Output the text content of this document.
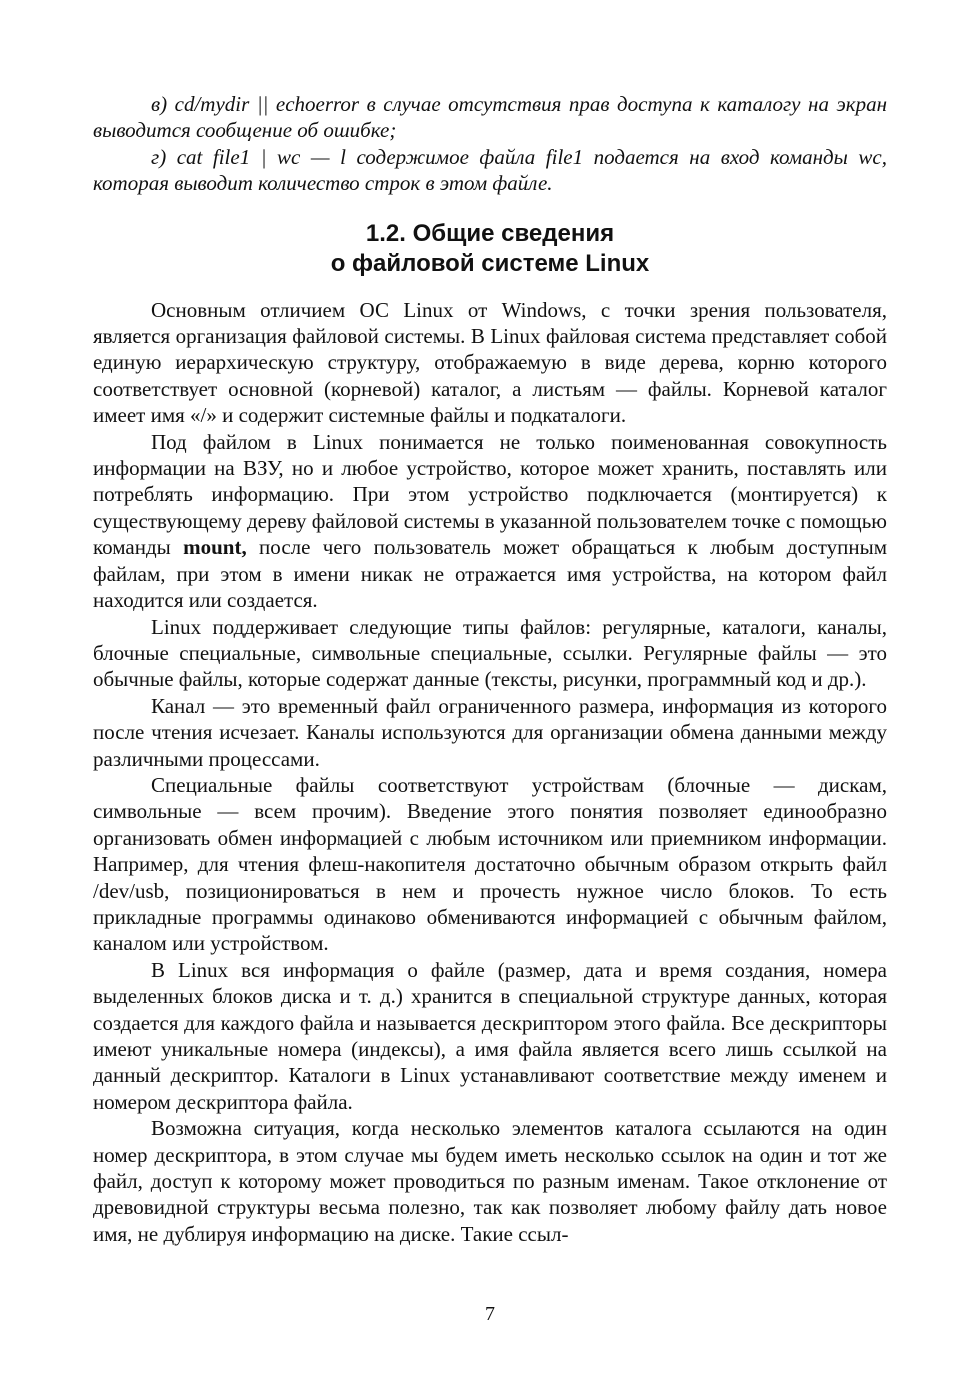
в) cd/mydir || echoerror в случае отсутствия прав доступа к каталогу на экран выводится сообщение об ошибке;

г) cat file1 | wc — l содержимое файла file1 подается на вход команды wc, которая выводит количество строк в этом файле.

1.2. Общие сведения
о файловой системе Linux

Основным отличием ОС Linux от Windows, с точки зрения пользователя, является организация файловой системы. В Linux файловая система представляет собой единую иерархическую структуру, отображаемую в виде дерева, корню которого соответствует основной (корневой) каталог, а листьям — файлы. Корневой каталог имеет имя «/» и содержит системные файлы и подкаталоги.

Под файлом в Linux понимается не только поименованная совокупность информации на ВЗУ, но и любое устройство, которое может хранить, поставлять или потреблять информацию. При этом устройство подключается (монтируется) к существующему дереву файловой системы в указанной пользователем точке с помощью команды mount, после чего пользователь может обращаться к любым доступным файлам, при этом в имени никак не отражается имя устройства, на котором файл находится или создается.

Linux поддерживает следующие типы файлов: регулярные, каталоги, каналы, блочные специальные, символьные специальные, ссылки. Регулярные файлы — это обычные файлы, которые содержат данные (тексты, рисунки, программный код и др.).

Канал — это временный файл ограниченного размера, информация из которого после чтения исчезает. Каналы используются для организации обмена данными между различными процессами.

Специальные файлы соответствуют устройствам (блочные — дискам, символьные — всем прочим). Введение этого понятия позволяет единообразно организовать обмен информацией с любым источником или приемником информации. Например, для чтения флеш-накопителя достаточно обычным образом открыть файл /dev/usb, позиционироваться в нем и прочесть нужное число блоков. То есть прикладные программы одинаково обмениваются информацией с обычным файлом, каналом или устройством.

В Linux вся информация о файле (размер, дата и время создания, номера выделенных блоков диска и т. д.) хранится в специальной структуре данных, которая создается для каждого файла и называется дескриптором этого файла. Все дескрипторы имеют уникальные номера (индексы), а имя файла является всего лишь ссылкой на данный дескриптор. Каталоги в Linux устанавливают соответствие между именем и номером дескриптора файла.

Возможна ситуация, когда несколько элементов каталога ссылаются на один номер дескриптора, в этом случае мы будем иметь несколько ссылок на один и тот же файл, доступ к которому может проводиться по разным именам. Такое отклонение от древовидной структуры весьма полезно, так как позволяет любому файлу дать новое имя, не дублируя информацию на диске. Такие ссыл-

7
